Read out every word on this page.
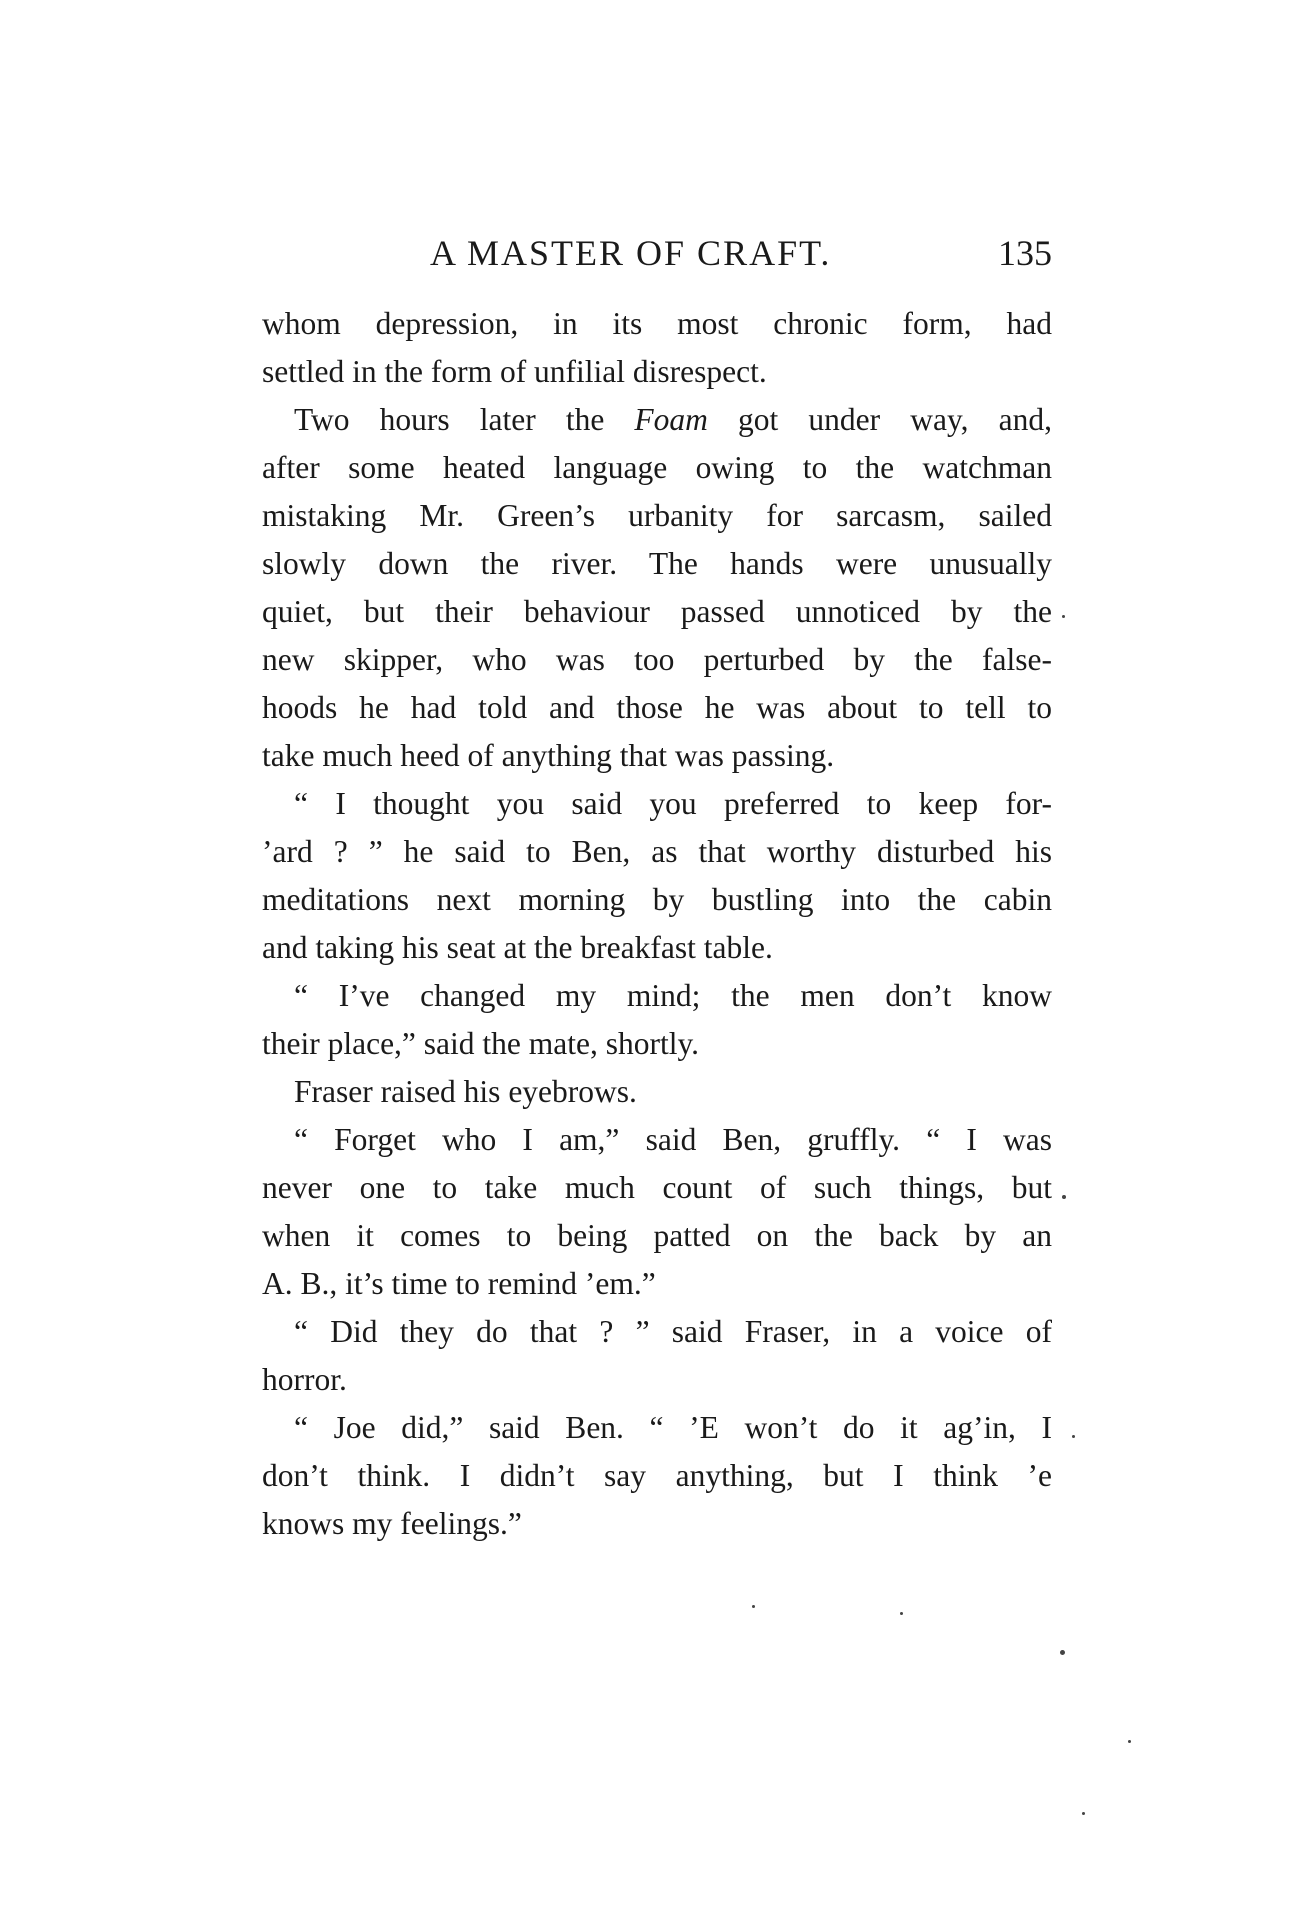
A MASTER OF CRAFT.	135
whom depression, in its most chronic form, had
settled in the form of unfilial disrespect.
Two hours later the Foam got under way, and,
after some heated language owing to the watchman
mistaking Mr. Green’s urbanity for sarcasm, sailed
slowly down the river. The hands were unusually
quiet, but their behaviour passed unnoticed by the
new skipper, who was too perturbed by the false-
hoods he had told and those he was about to tell to
take much heed of anything that was passing.
“ I thought you said you preferred to keep for-
’ard ? ” he said to Ben, as that worthy disturbed his
meditations next morning by bustling into the cabin
and taking his seat at the breakfast table.
“ I’ve changed my mind; the men don’t know
their place,” said the mate, shortly.
Fraser raised his eyebrows.
“ Forget who I am,” said Ben, gruffly. “ I was
never one to take much count of such things, but
when it comes to being patted on the back by an
A. B., it’s time to remind ’em.”
“ Did they do that ? ” said Fraser, in a voice of
horror.
“ Joe did,” said Ben. “ ’E won’t do it ag’in, I
don’t think. I didn’t say anything, but I think ’e
knows my feelings.”
